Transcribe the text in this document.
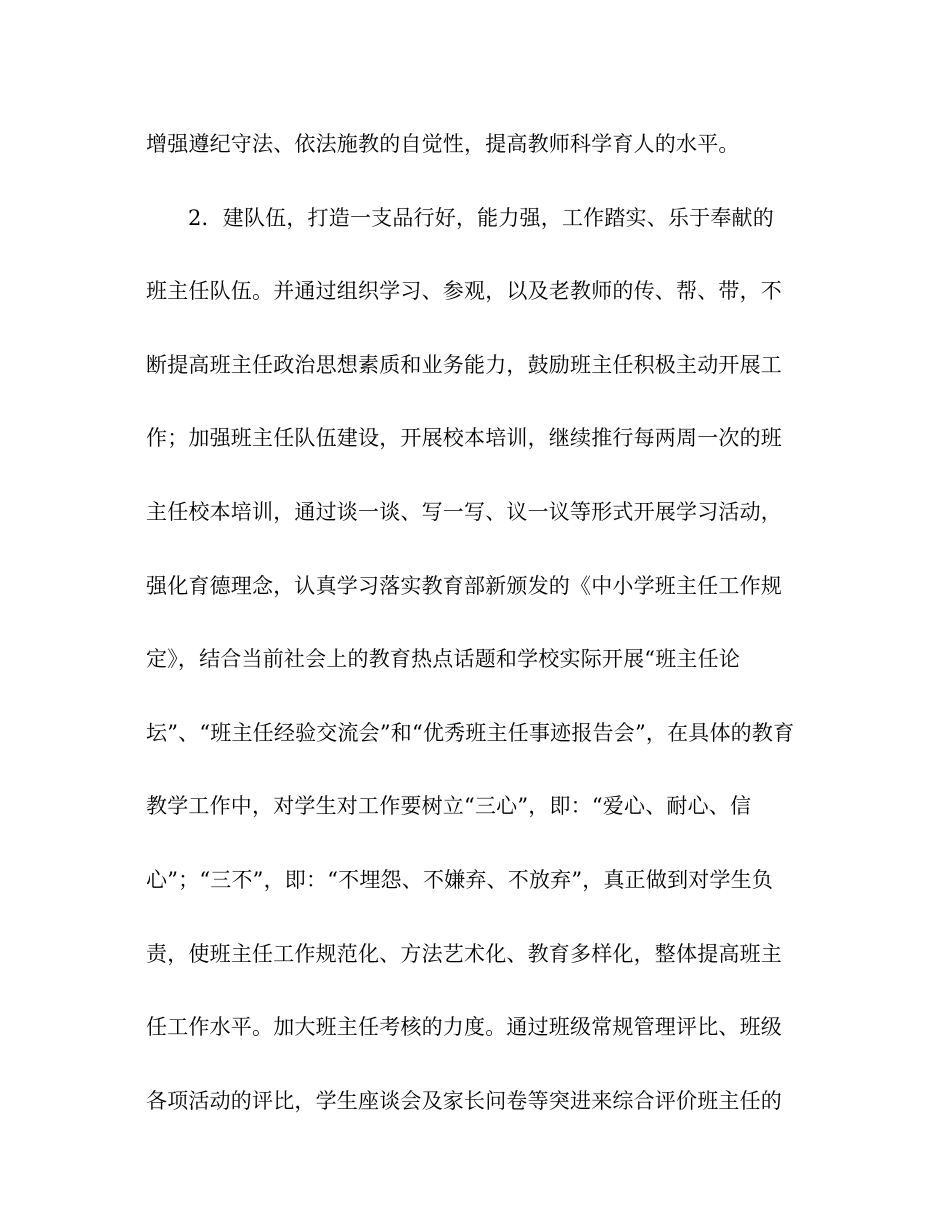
增强遵纪守法、依法施教的自觉性，提高教师科学育人的水平。
2．建队伍，打造一支品行好，能力强，工作踏实、乐于奉献的
班主任队伍。并通过组织学习、参观，以及老教师的传、帮、带，不
断提高班主任政治思想素质和业务能力，鼓励班主任积极主动开展工
作；加强班主任队伍建设，开展校本培训，继续推行每两周一次的班
主任校本培训，通过谈一谈、写一写、议一议等形式开展学习活动，
强化育德理念，认真学习落实教育部新颁发的《中小学班主任工作规
定》，结合当前社会上的教育热点话题和学校实际开展“班主任论
坛”、“班主任经验交流会”和“优秀班主任事迹报告会”，在具体的教育
教学工作中，对学生对工作要树立“三心”，即：“爱心、耐心、信
心”；“三不”，即：“不埋怨、不嫌弃、不放弃”，真正做到对学生负
责，使班主任工作规范化、方法艺术化、教育多样化，整体提高班主
任工作水平。加大班主任考核的力度。通过班级常规管理评比、班级
各项活动的评比，学生座谈会及家长问卷等突进来综合评价班主任的
